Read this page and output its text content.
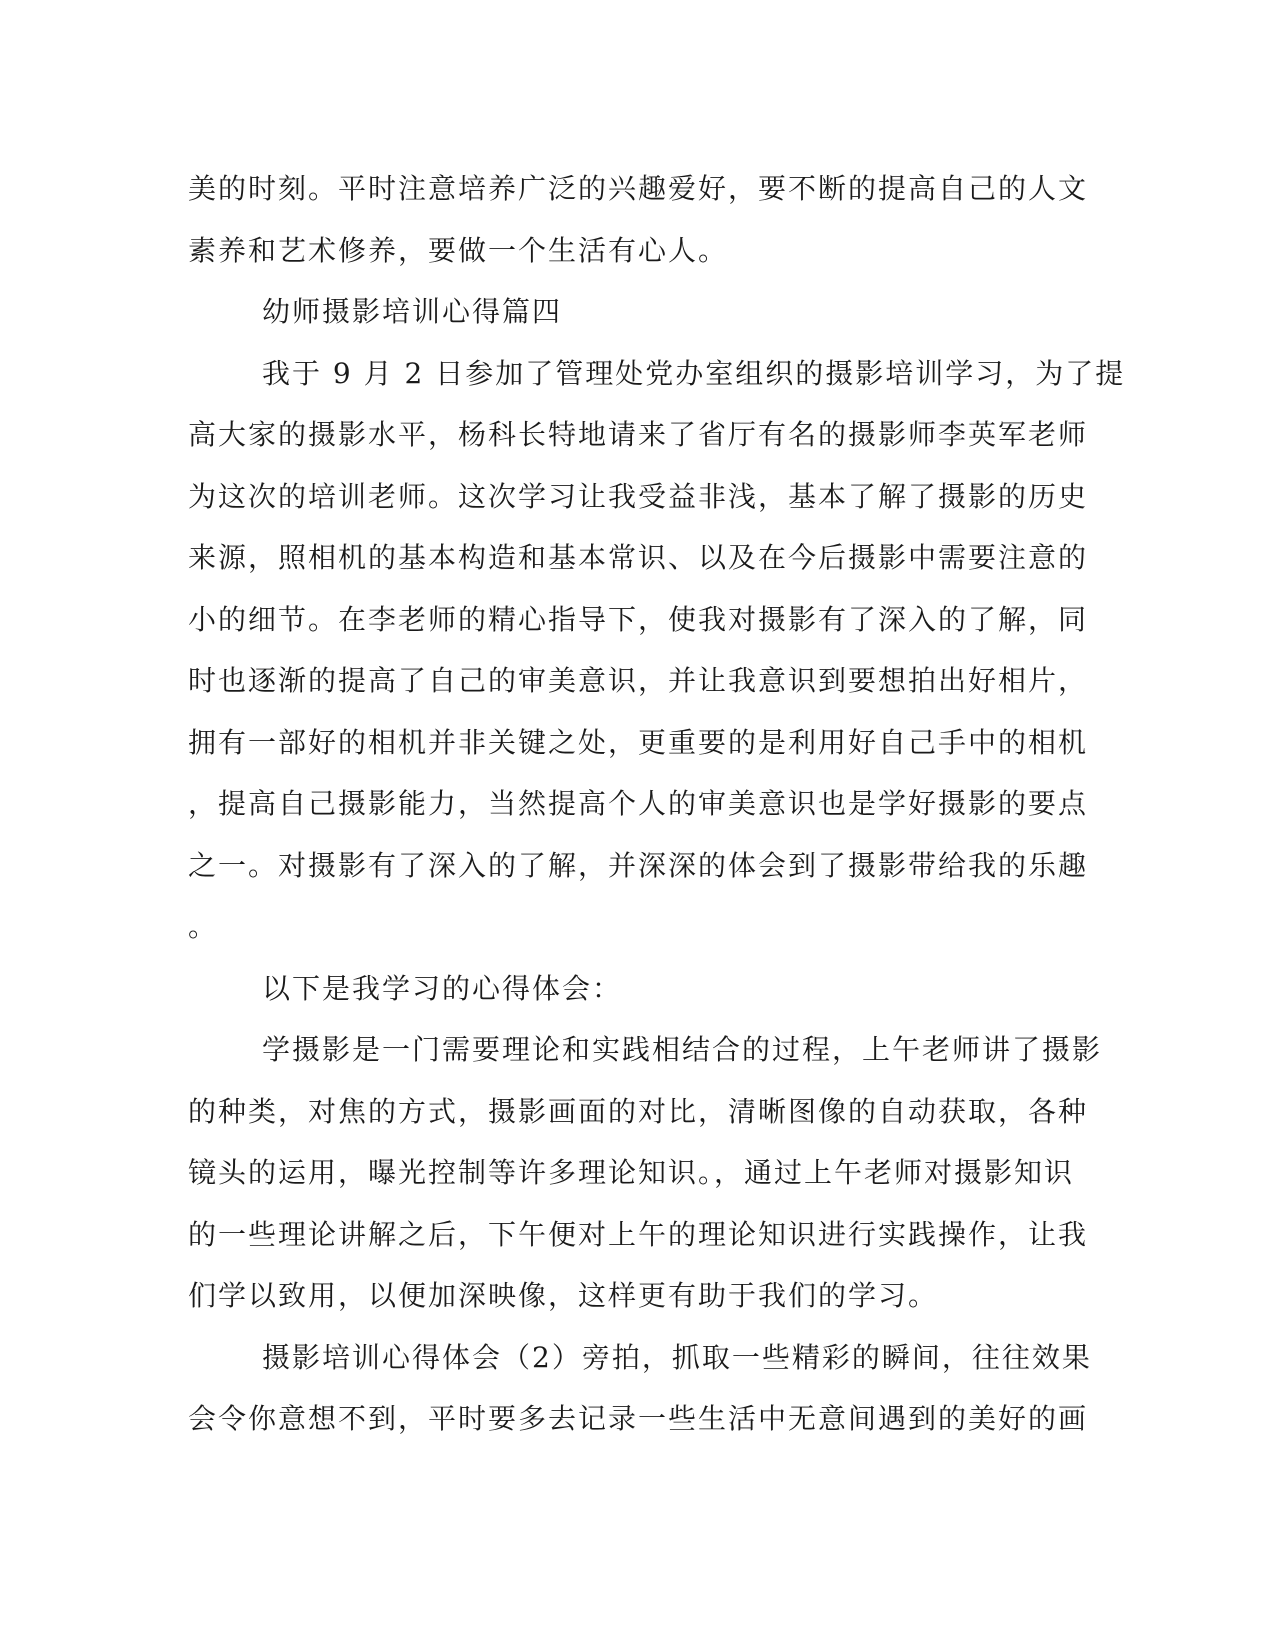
美的时刻。平时注意培养广泛的兴趣爱好，要不断的提高自己的人文
素养和艺术修养，要做一个生活有心人。
幼师摄影培训心得篇四
我于 9 月 2 日参加了管理处党办室组织的摄影培训学习，为了提
高大家的摄影水平，杨科长特地请来了省厅有名的摄影师李英军老师
为这次的培训老师。这次学习让我受益非浅，基本了解了摄影的历史
来源，照相机的基本构造和基本常识、以及在今后摄影中需要注意的
小的细节。在李老师的精心指导下，使我对摄影有了深入的了解，同
时也逐渐的提高了自己的审美意识，并让我意识到要想拍出好相片，
拥有一部好的相机并非关键之处，更重要的是利用好自己手中的相机
，提高自己摄影能力，当然提高个人的审美意识也是学好摄影的要点
之一。对摄影有了深入的了解，并深深的体会到了摄影带给我的乐趣
。
以下是我学习的心得体会：
学摄影是一门需要理论和实践相结合的过程，上午老师讲了摄影
的种类，对焦的方式，摄影画面的对比，清晰图像的自动获取，各种
镜头的运用，曝光控制等许多理论知识。，通过上午老师对摄影知识
的一些理论讲解之后，下午便对上午的理论知识进行实践操作，让我
们学以致用，以便加深映像，这样更有助于我们的学习。
摄影培训心得体会（2）旁拍，抓取一些精彩的瞬间，往往效果
会令你意想不到，平时要多去记录一些生活中无意间遇到的美好的画
